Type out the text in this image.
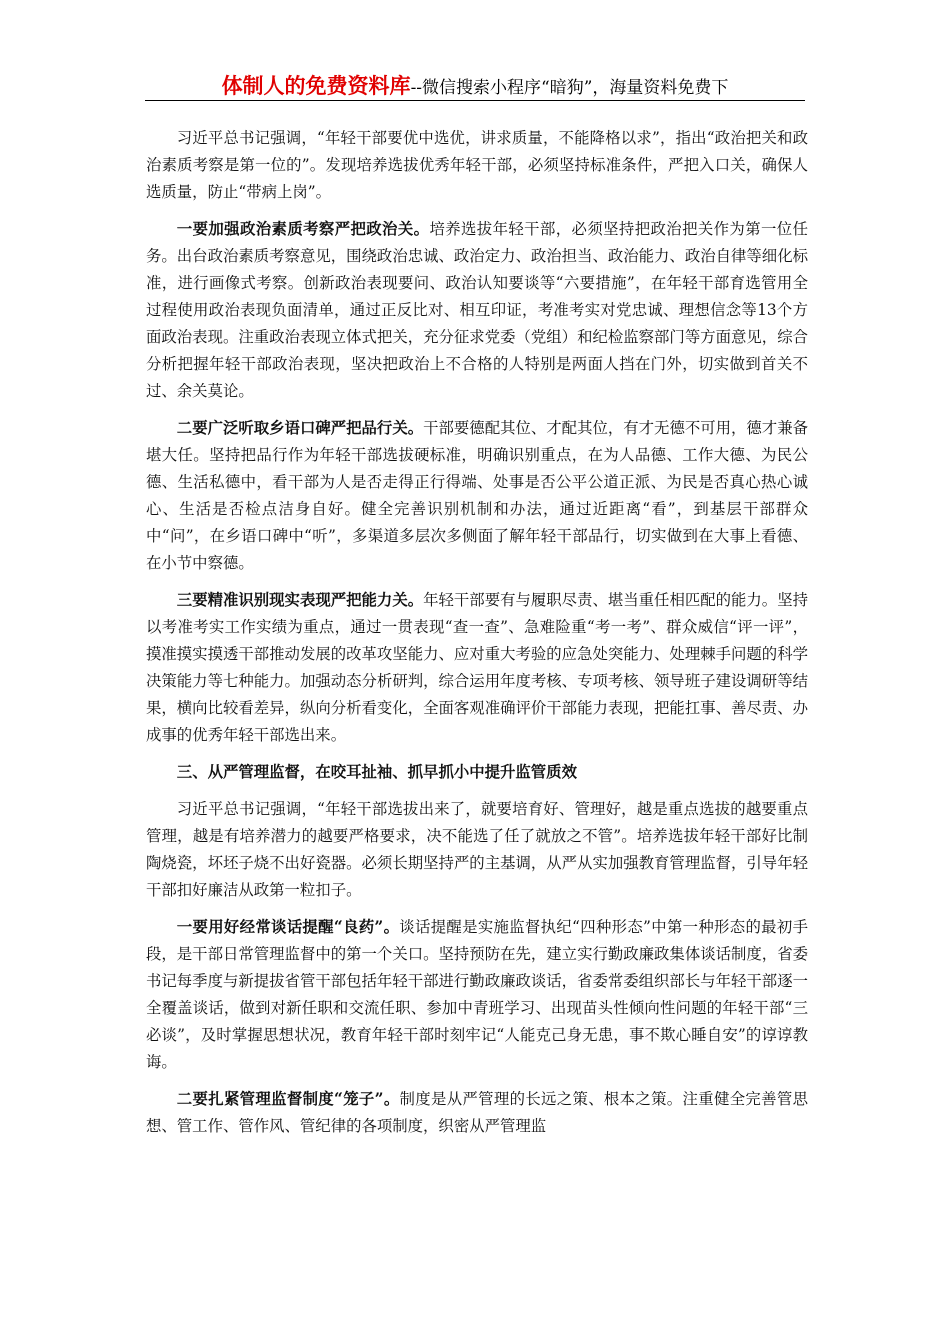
体制人的免费资料库--微信搜索小程序“暗狗”，海量资料免费下

习近平总书记强调，“年轻干部要优中选优，讲求质量，不能降格以求”，指出“政治把关和政治素质考察是第一位的”。发现培养选拔优秀年轻干部，必须坚持标准条件，严把入口关，确保人选质量，防止“带病上岗”。

一要加强政治素质考察严把政治关。培养选拔年轻干部，必须坚持把政治把关作为第一位任务。出台政治素质考察意见，围绕政治忠诚、政治定力、政治担当、政治能力、政治自律等细化标准，进行画像式考察。创新政治表现要问、政治认知要谈等“六要措施”，在年轻干部育选管用全过程使用政治表现负面清单，通过正反比对、相互印证，考准考实对党忠诚、理想信念等13个方面政治表现。注重政治表现立体式把关，充分征求党委（党组）和纪检监察部门等方面意见，综合分析把握年轻干部政治表现，坚决把政治上不合格的人特别是两面人挡在门外，切实做到首关不过、余关莫论。

二要广泛听取乡语口碑严把品行关。干部要德配其位、才配其位，有才无德不可用，德才兼备堪大任。坚持把品行作为年轻干部选拔硬标准，明确识别重点，在为人品德、工作大德、为民公德、生活私德中，看干部为人是否走得正行得端、处事是否公平公道正派、为民是否真心热心诚心、生活是否检点洁身自好。健全完善识别机制和办法，通过近距离“看”，到基层干部群众中“问”，在乡语口碑中“听”，多渠道多层次多侧面了解年轻干部品行，切实做到在大事上看德、在小节中察德。

三要精准识别现实表现严把能力关。年轻干部要有与履职尽责、堪当重任相匹配的能力。坚持以考准考实工作实绩为重点，通过一贯表现“查一查”、急难险重“考一考”、群众威信“评一评”，摸准摸实摸透干部推动发展的改革攻坚能力、应对重大考验的应急处突能力、处理棘手问题的科学决策能力等七种能力。加强动态分析研判，综合运用年度考核、专项考核、领导班子建设调研等结果，横向比较看差异，纵向分析看变化，全面客观准确评价干部能力表现，把能扛事、善尽责、办成事的优秀年轻干部选出来。

三、从严管理监督，在咬耳扯袖、抓早抓小中提升监管质效

习近平总书记强调，“年轻干部选拔出来了，就要培育好、管理好，越是重点选拔的越要重点管理，越是有培养潜力的越要严格要求，决不能选了任了就放之不管”。培养选拔年轻干部好比制陶烧瓷，坏坯子烧不出好瓷器。必须长期坚持严的主基调，从严从实加强教育管理监督，引导年轻干部扣好廉洁从政第一粒扣子。

一要用好经常谈话提醒“良药”。谈话提醒是实施监督执纪“四种形态”中第一种形态的最初手段，是干部日常管理监督中的第一个关口。坚持预防在先，建立实行勤政廉政集体谈话制度，省委书记每季度与新提拔省管干部包括年轻干部进行勤政廉政谈话，省委常委组织部长与年轻干部逐一全覆盖谈话，做到对新任职和交流任职、参加中青班学习、出现苗头性倾向性问题的年轻干部“三必谈”，及时掌握思想状况，教育年轻干部时刻牢记“人能克己身无患，事不欺心睡自安”的谆谆教诲。

二要扎紧管理监督制度“笼子”。制度是从严管理的长远之策、根本之策。注重健全完善管思想、管工作、管作风、管纪律的各项制度，织密从严管理监
